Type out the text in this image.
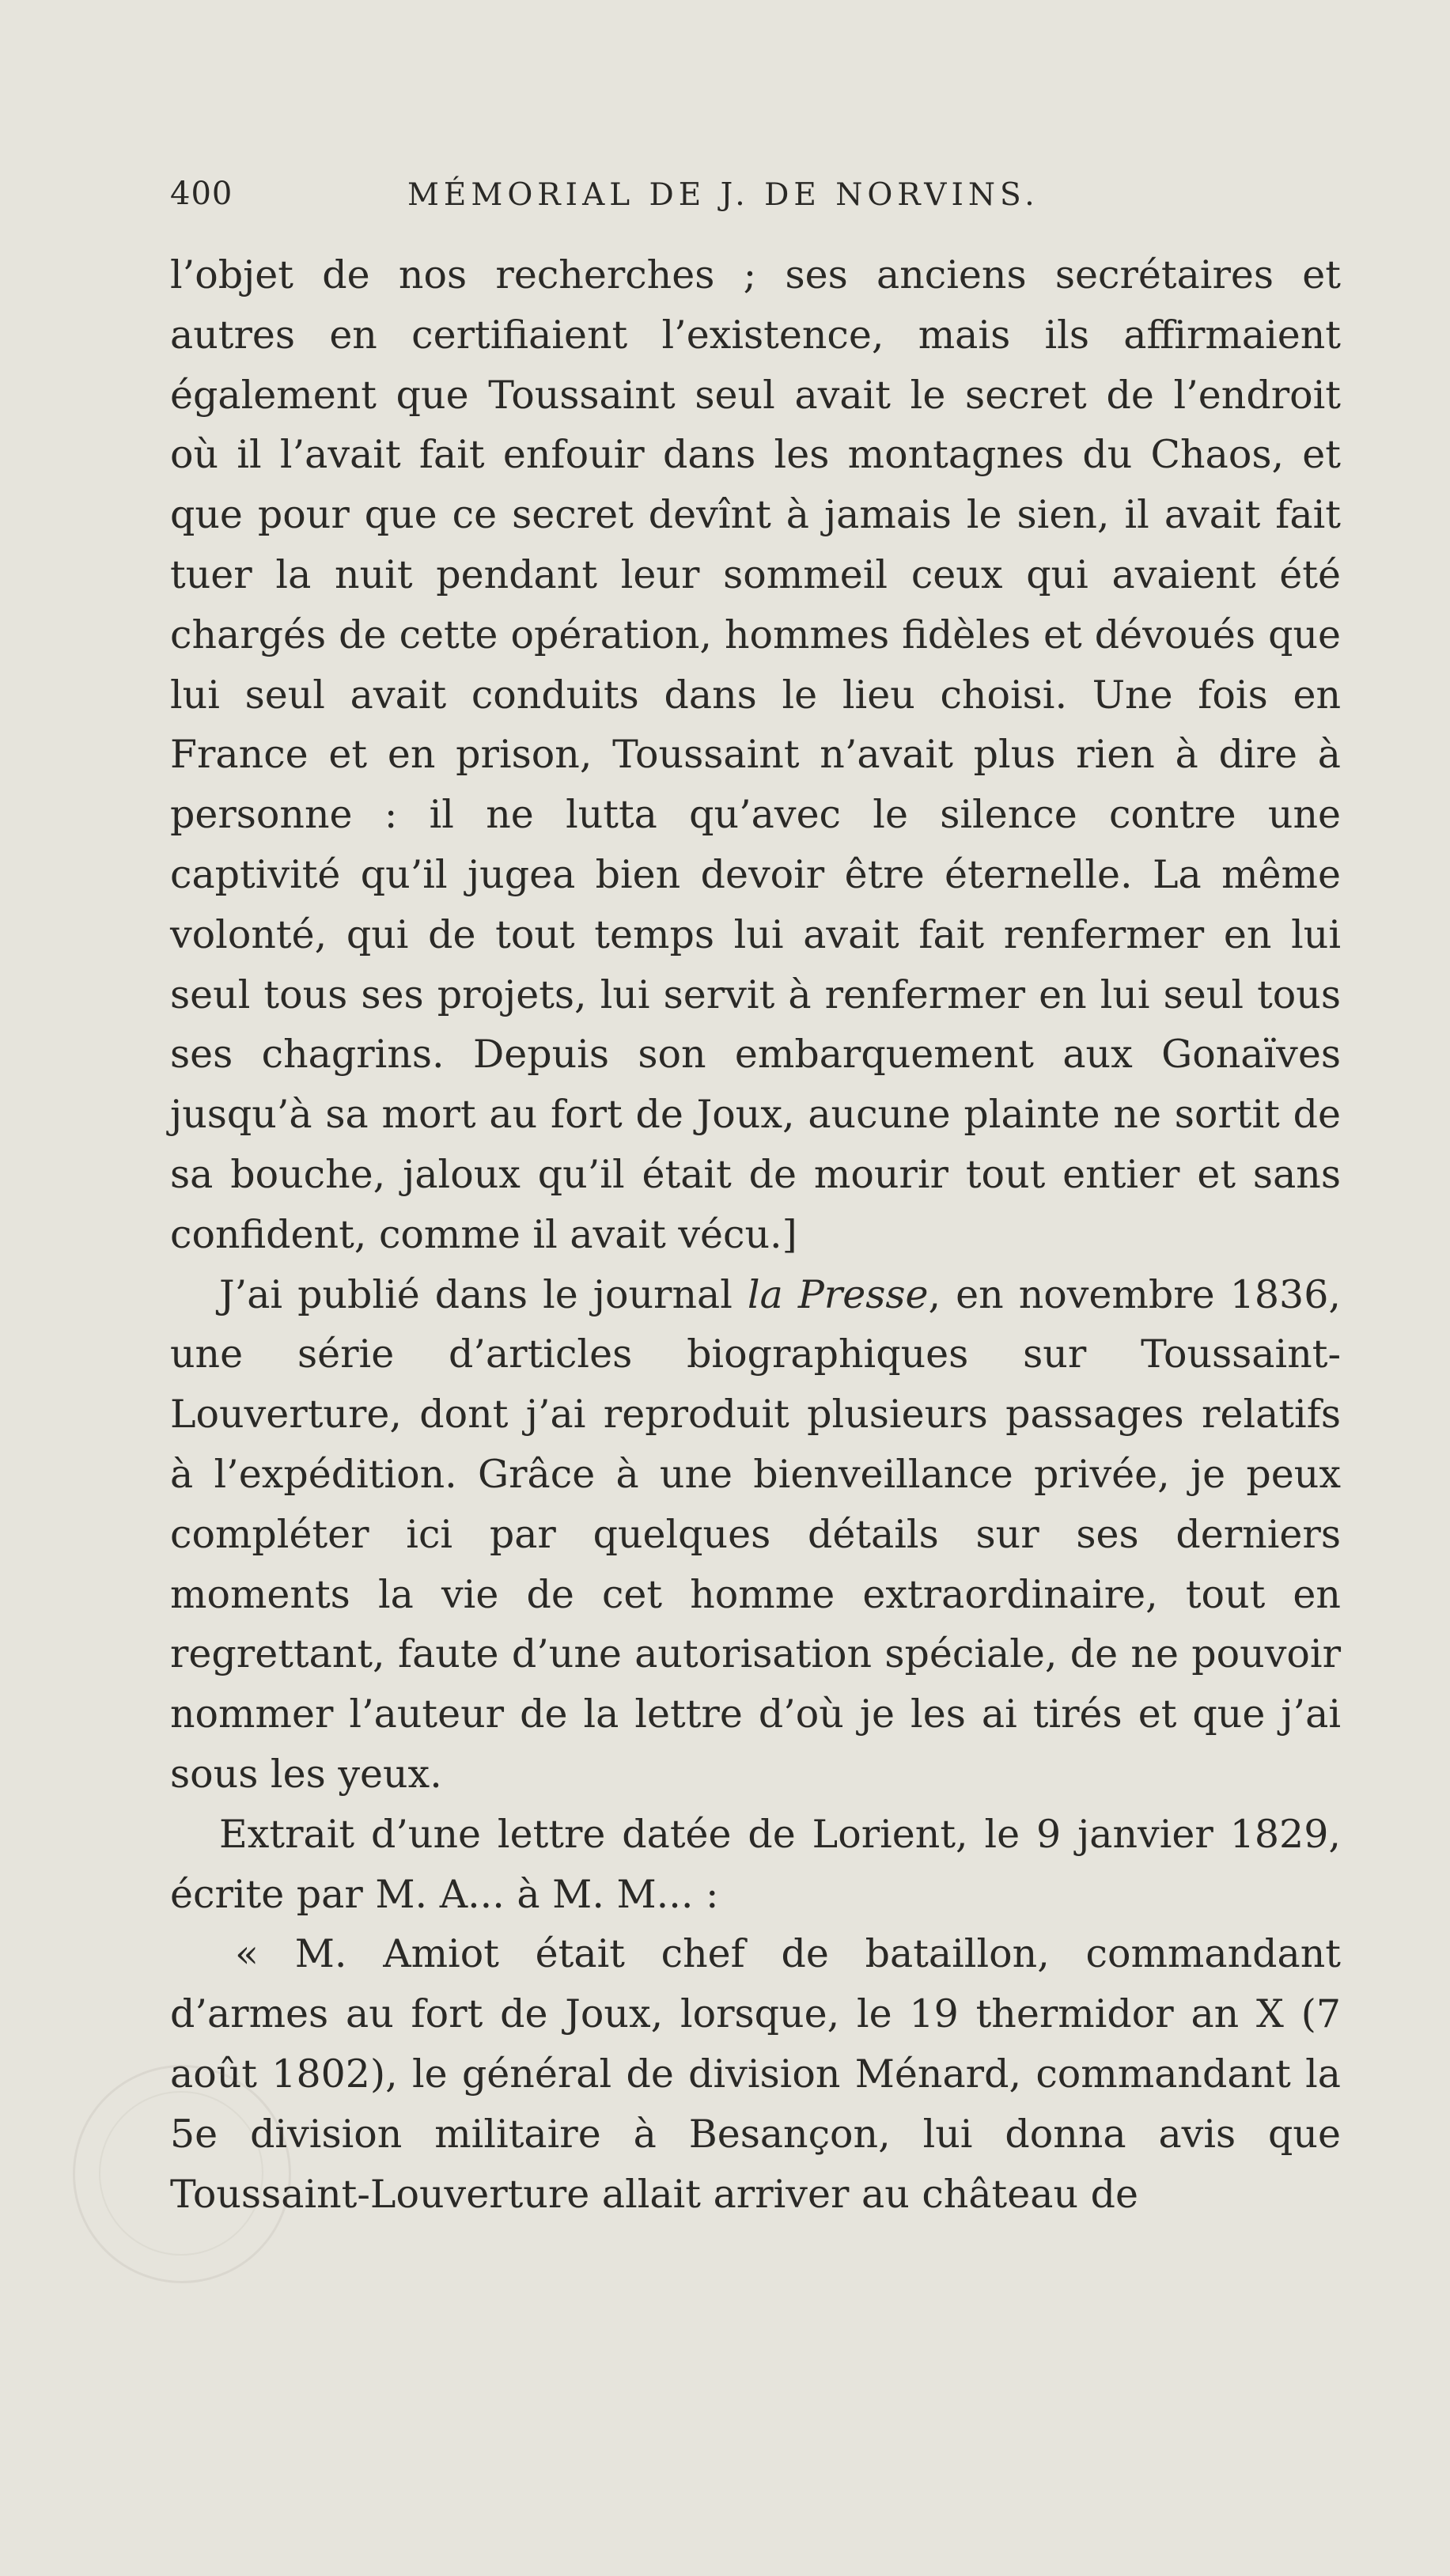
400	MÉMORIAL DE J. DE NORVINS.

l’objet de nos recherches ; ses anciens secrétaires et autres en certifiaient l’existence, mais ils affirmaient également que Toussaint seul avait le secret de l’endroit où il l’avait fait enfouir dans les montagnes du Chaos, et que pour que ce secret devînt à jamais le sien, il avait fait tuer la nuit pendant leur sommeil ceux qui avaient été chargés de cette opération, hommes fidèles et dévoués que lui seul avait conduits dans le lieu choisi. Une fois en France et en prison, Toussaint n’avait plus rien à dire à personne : il ne lutta qu’avec le silence contre une captivité qu’il jugea bien devoir être éternelle. La même volonté, qui de tout temps lui avait fait renfermer en lui seul tous ses projets, lui servit à renfermer en lui seul tous ses chagrins. Depuis son embarquement aux Gonaïves jusqu’à sa mort au fort de Joux, aucune plainte ne sortit de sa bouche, jaloux qu’il était de mourir tout entier et sans confident, comme il avait vécu.]

J’ai publié dans le journal la Presse, en novembre 1836, une série d’articles biographiques sur Toussaint-Louverture, dont j’ai reproduit plusieurs passages relatifs à l’expédition. Grâce à une bienveillance privée, je peux compléter ici par quelques détails sur ses derniers moments la vie de cet homme extraordinaire, tout en regrettant, faute d’une autorisation spéciale, de ne pouvoir nommer l’auteur de la lettre d’où je les ai tirés et que j’ai sous les yeux.

Extrait d’une lettre datée de Lorient, le 9 janvier 1829, écrite par M. A... à M. M... :

« M. Amiot était chef de bataillon, commandant d’armes au fort de Joux, lorsque, le 19 thermidor an X (7 août 1802), le général de division Ménard, commandant la 5e division militaire à Besançon, lui donna avis que Toussaint-Louverture allait arriver au château de
